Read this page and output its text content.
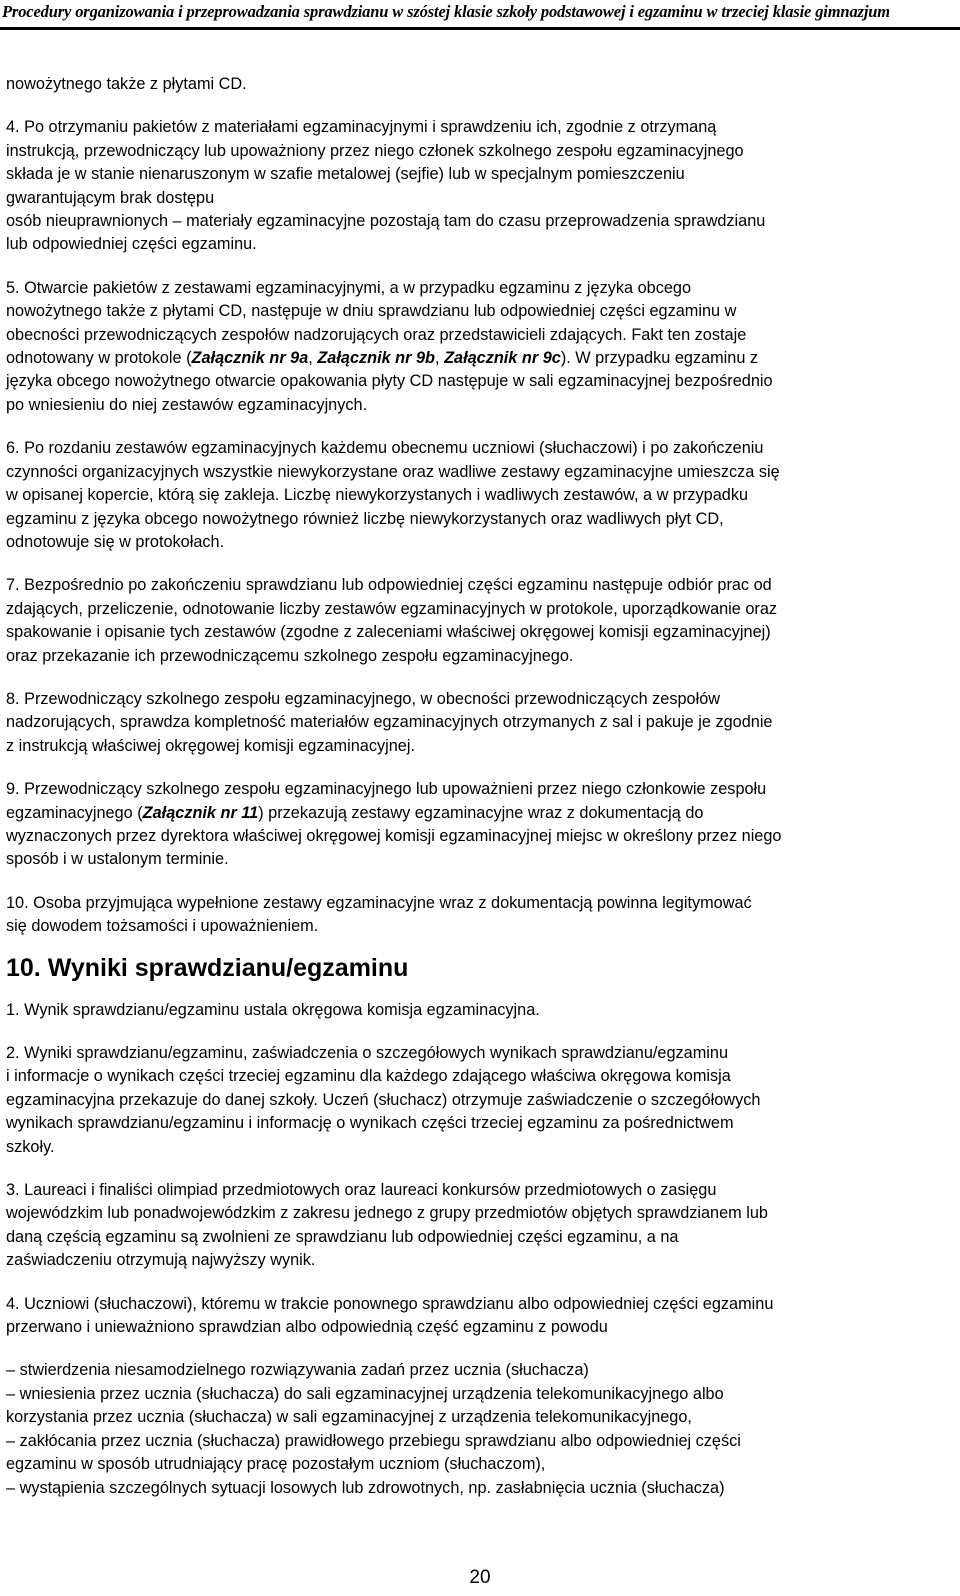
Procedury organizowania i przeprowadzania sprawdzianu w szóstej klasie szkoły podstawowej i egzaminu w trzeciej klasie gimnazjum
nowożytnego także z płytami CD.
4. Po otrzymaniu pakietów z materiałami egzaminacyjnymi i sprawdzeniu ich, zgodnie z otrzymaną
instrukcją, przewodniczący lub upoważniony przez niego członek szkolnego zespołu egzaminacyjnego
składa je w stanie nienaruszonym w szafie metalowej (sejfie) lub w specjalnym pomieszczeniu
gwarantującym brak dostępu
osób nieuprawnionych – materiały egzaminacyjne pozostają tam do czasu przeprowadzenia sprawdzianu
lub odpowiedniej części egzaminu.
5. Otwarcie pakietów z zestawami egzaminacyjnymi, a w przypadku egzaminu z języka obcego
nowożytnego także z płytami CD, następuje w dniu sprawdzianu lub odpowiedniej części egzaminu w
obecności przewodniczących zespołów nadzorujących oraz przedstawicieli zdających. Fakt ten zostaje
odnotowany w protokole (Załącznik nr 9a, Załącznik nr 9b, Załącznik nr 9c). W przypadku egzaminu z
języka obcego nowożytnego otwarcie opakowania płyty CD następuje w sali egzaminacyjnej bezpośrednio
po wniesieniu do niej zestawów egzaminacyjnych.
6. Po rozdaniu zestawów egzaminacyjnych każdemu obecnemu uczniowi (słuchaczowi) i po zakończeniu
czynności organizacyjnych wszystkie niewykorzystane oraz wadliwe zestawy egzaminacyjne umieszcza się
w opisanej kopercie, którą się zakleja. Liczbę niewykorzystanych i wadliwych zestawów, a w przypadku
egzaminu z języka obcego nowożytnego również liczbę niewykorzystanych oraz wadliwych płyt CD,
odnotowuje się w protokołach.
7. Bezpośrednio po zakończeniu sprawdzianu lub odpowiedniej części egzaminu następuje odbiór prac od
zdających, przeliczenie, odnotowanie liczby zestawów egzaminacyjnych w protokole, uporządkowanie oraz
spakowanie i opisanie tych zestawów (zgodne z zaleceniami właściwej okręgowej komisji egzaminacyjnej)
oraz przekazanie ich przewodniczącemu szkolnego zespołu egzaminacyjnego.
8. Przewodniczący szkolnego zespołu egzaminacyjnego, w obecności przewodniczących zespołów
nadzorujących, sprawdza kompletność materiałów egzaminacyjnych otrzymanych z sal i pakuje je zgodnie
z instrukcją właściwej okręgowej komisji egzaminacyjnej.
9. Przewodniczący szkolnego zespołu egzaminacyjnego lub upoważnieni przez niego członkowie zespołu
egzaminacyjnego (Załącznik nr 11) przekazują zestawy egzaminacyjne wraz z dokumentacją do
wyznaczonych przez dyrektora właściwej okręgowej komisji egzaminacyjnej miejsc w określony przez niego
sposób i w ustalonym terminie.
10. Osoba przyjmująca wypełnione zestawy egzaminacyjne wraz z dokumentacją powinna legitymować
się dowodem tożsamości i upoważnieniem.
10. Wyniki sprawdzianu/egzaminu
1. Wynik sprawdzianu/egzaminu ustala okręgowa komisja egzaminacyjna.
2. Wyniki sprawdzianu/egzaminu, zaświadczenia o szczegółowych wynikach sprawdzianu/egzaminu
i informacje o wynikach części trzeciej egzaminu dla każdego zdającego właściwa okręgowa komisja
egzaminacyjna przekazuje do danej szkoły. Uczeń (słuchacz) otrzymuje zaświadczenie o szczegółowych
wynikach sprawdzianu/egzaminu i informację o wynikach części trzeciej egzaminu za pośrednictwem
szkoły.
3. Laureaci i finaliści olimpiad przedmiotowych oraz laureaci konkursów przedmiotowych o zasięgu
wojewódzkim lub ponadwojewódzkim z zakresu jednego z grupy przedmiotów objętych sprawdzianem lub
daną częścią egzaminu są zwolnieni ze sprawdzianu lub odpowiedniej części egzaminu, a na
zaświadczeniu otrzymują najwyższy wynik.
4. Uczniowi (słuchaczowi), któremu w trakcie ponownego sprawdzianu albo odpowiedniej części egzaminu
przerwano i unieważniono sprawdzian albo odpowiednią część egzaminu z powodu
– stwierdzenia niesamodzielnego rozwiązywania zadań przez ucznia (słuchacza)
– wniesienia przez ucznia (słuchacza) do sali egzaminacyjnej urządzenia telekomunikacyjnego albo
korzystania przez ucznia (słuchacza) w sali egzaminacyjnej z urządzenia telekomunikacyjnego,
– zakłócania przez ucznia (słuchacza) prawidłowego przebiegu sprawdzianu albo odpowiedniej części
egzaminu w sposób utrudniający pracę pozostałym uczniom (słuchaczom),
– wystąpienia szczególnych sytuacji losowych lub zdrowotnych, np. zasłabnięcia ucznia (słuchacza)
20
